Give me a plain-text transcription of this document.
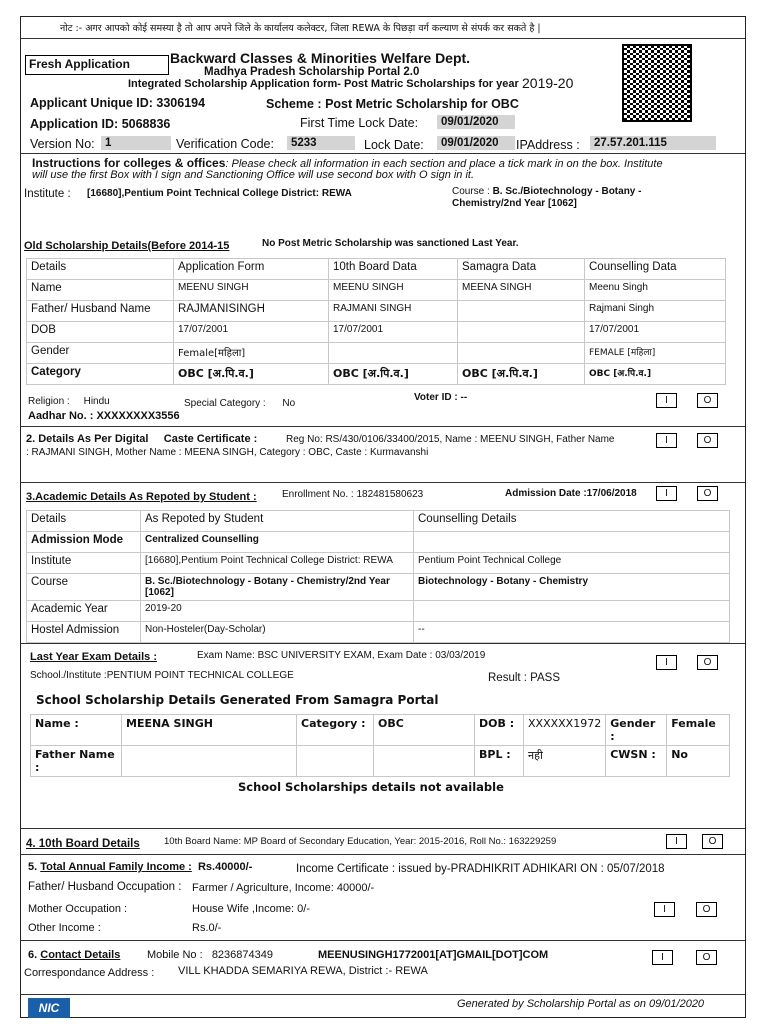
नोट :- अगर आपको कोई समस्या है तो आप अपने जिले के कार्यालय कलेक्टर, जिला REWA के पिछड़ा वर्ग कल्याण से संपर्क कर सकते है |
Fresh Application	Backward Classes & Minorities Welfare Dept.
Madhya Pradesh Scholarship Portal 2.0
Integrated Scholarship Application form- Post Matric Scholarships for year 2019-20
Applicant Unique ID: 3306194	Scheme : Post Metric Scholarship for OBC
Application ID: 5068836	First Time Lock Date:	09/01/2020
Version No: 1	Verification Code:	5233	Lock Date:	09/01/2020	IPAddress :	27.57.201.115
Instructions for colleges & offices: Please check all information in each section and place a tick mark in on the box. Institute
will use the first Box with I sign and Sanctioning Office will use second box with O sign in it.
Institute : [16680],Pentium Point Technical College District: REWA	Course : B. Sc./Biotechnology - Botany -
Chemistry/2nd Year [1062]
Old Scholarship Details(Before 2014-15	No Post Metric Scholarship was sanctioned Last Year.
Details	Application Form	10th Board Data	Samagra Data	Counselling Data
Name	MEENU SINGH	MEENU SINGH	MEENA SINGH	Meenu Singh
Father/ Husband Name	RAJMANISINGH	RAJMANI SINGH		Rajmani Singh
DOB	17/07/2001	17/07/2001		17/07/2001
Gender	Female[महिला]			FEMALE [महिला]
Category	OBC [अ.पि.व.]	OBC [अ.पि.व.]	OBC [अ.पि.व.]	OBC [अ.पि.व.]
Religion : Hindu	Special Category : No
Voter ID : --
Aadhar No. : XXXXXXXX3556
I	O
2. Details As Per Digital Caste Certificate :	Reg No: RS/430/0106/33400/2015, Name : MEENU SINGH, Father Name
: RAJMANI SINGH, Mother Name : MEENA SINGH, Category : OBC, Caste : Kurmavanshi
I	O
3.Academic Details As Repoted by Student :	Enrollment No. : 182481580623	Admission Date :17/06/2018	I	O
Details	As Repoted by Student	Counselling Details
Admission Mode	Centralized Counselling	
Institute	[16680],Pentium Point Technical College District: REWA	Pentium Point Technical College
Course	B. Sc./Biotechnology - Botany - Chemistry/2nd Year [1062]	Biotechnology - Botany - Chemistry
Academic Year	2019-20	
Hostel Admission	Non-Hosteler(Day-Scholar)	--
Last Year Exam Details :	Exam Name: BSC UNIVERSITY EXAM, Exam Date : 03/03/2019
School./Institute :PENTIUM POINT TECHNICAL COLLEGE	Result : PASS
I	O
School Scholarship Details Generated From Samagra Portal
Name :	MEENA SINGH	Category :	OBC	DOB :	XXXXXX1972	Gender :	Female
Father Name :				BPL :	नही	CWSN :	No
School Scholarships details not available
4. 10th Board Details	10th Board Name: MP Board of Secondary Education, Year: 2015-2016, Roll No.: 163229259	I	O
5. Total Annual Family Income : Rs.40000/-	Income Certificate : issued by-PRADHIKRIT ADHIKARI ON : 05/07/2018
Father/ Husband Occupation : Farmer / Agriculture, Income: 40000/-
Mother Occupation :	House Wife ,Income: 0/-
Other Income :	Rs.0/-
I	O
6. Contact Details Mobile No : 8236874349	MEENUSINGH1772001[AT]GMAIL[DOT]COM
Correspondance Address : VILL KHADDA SEMARIYA REWA, District :- REWA
I	O
NIC	Generated by Scholarship Portal as on 09/01/2020
